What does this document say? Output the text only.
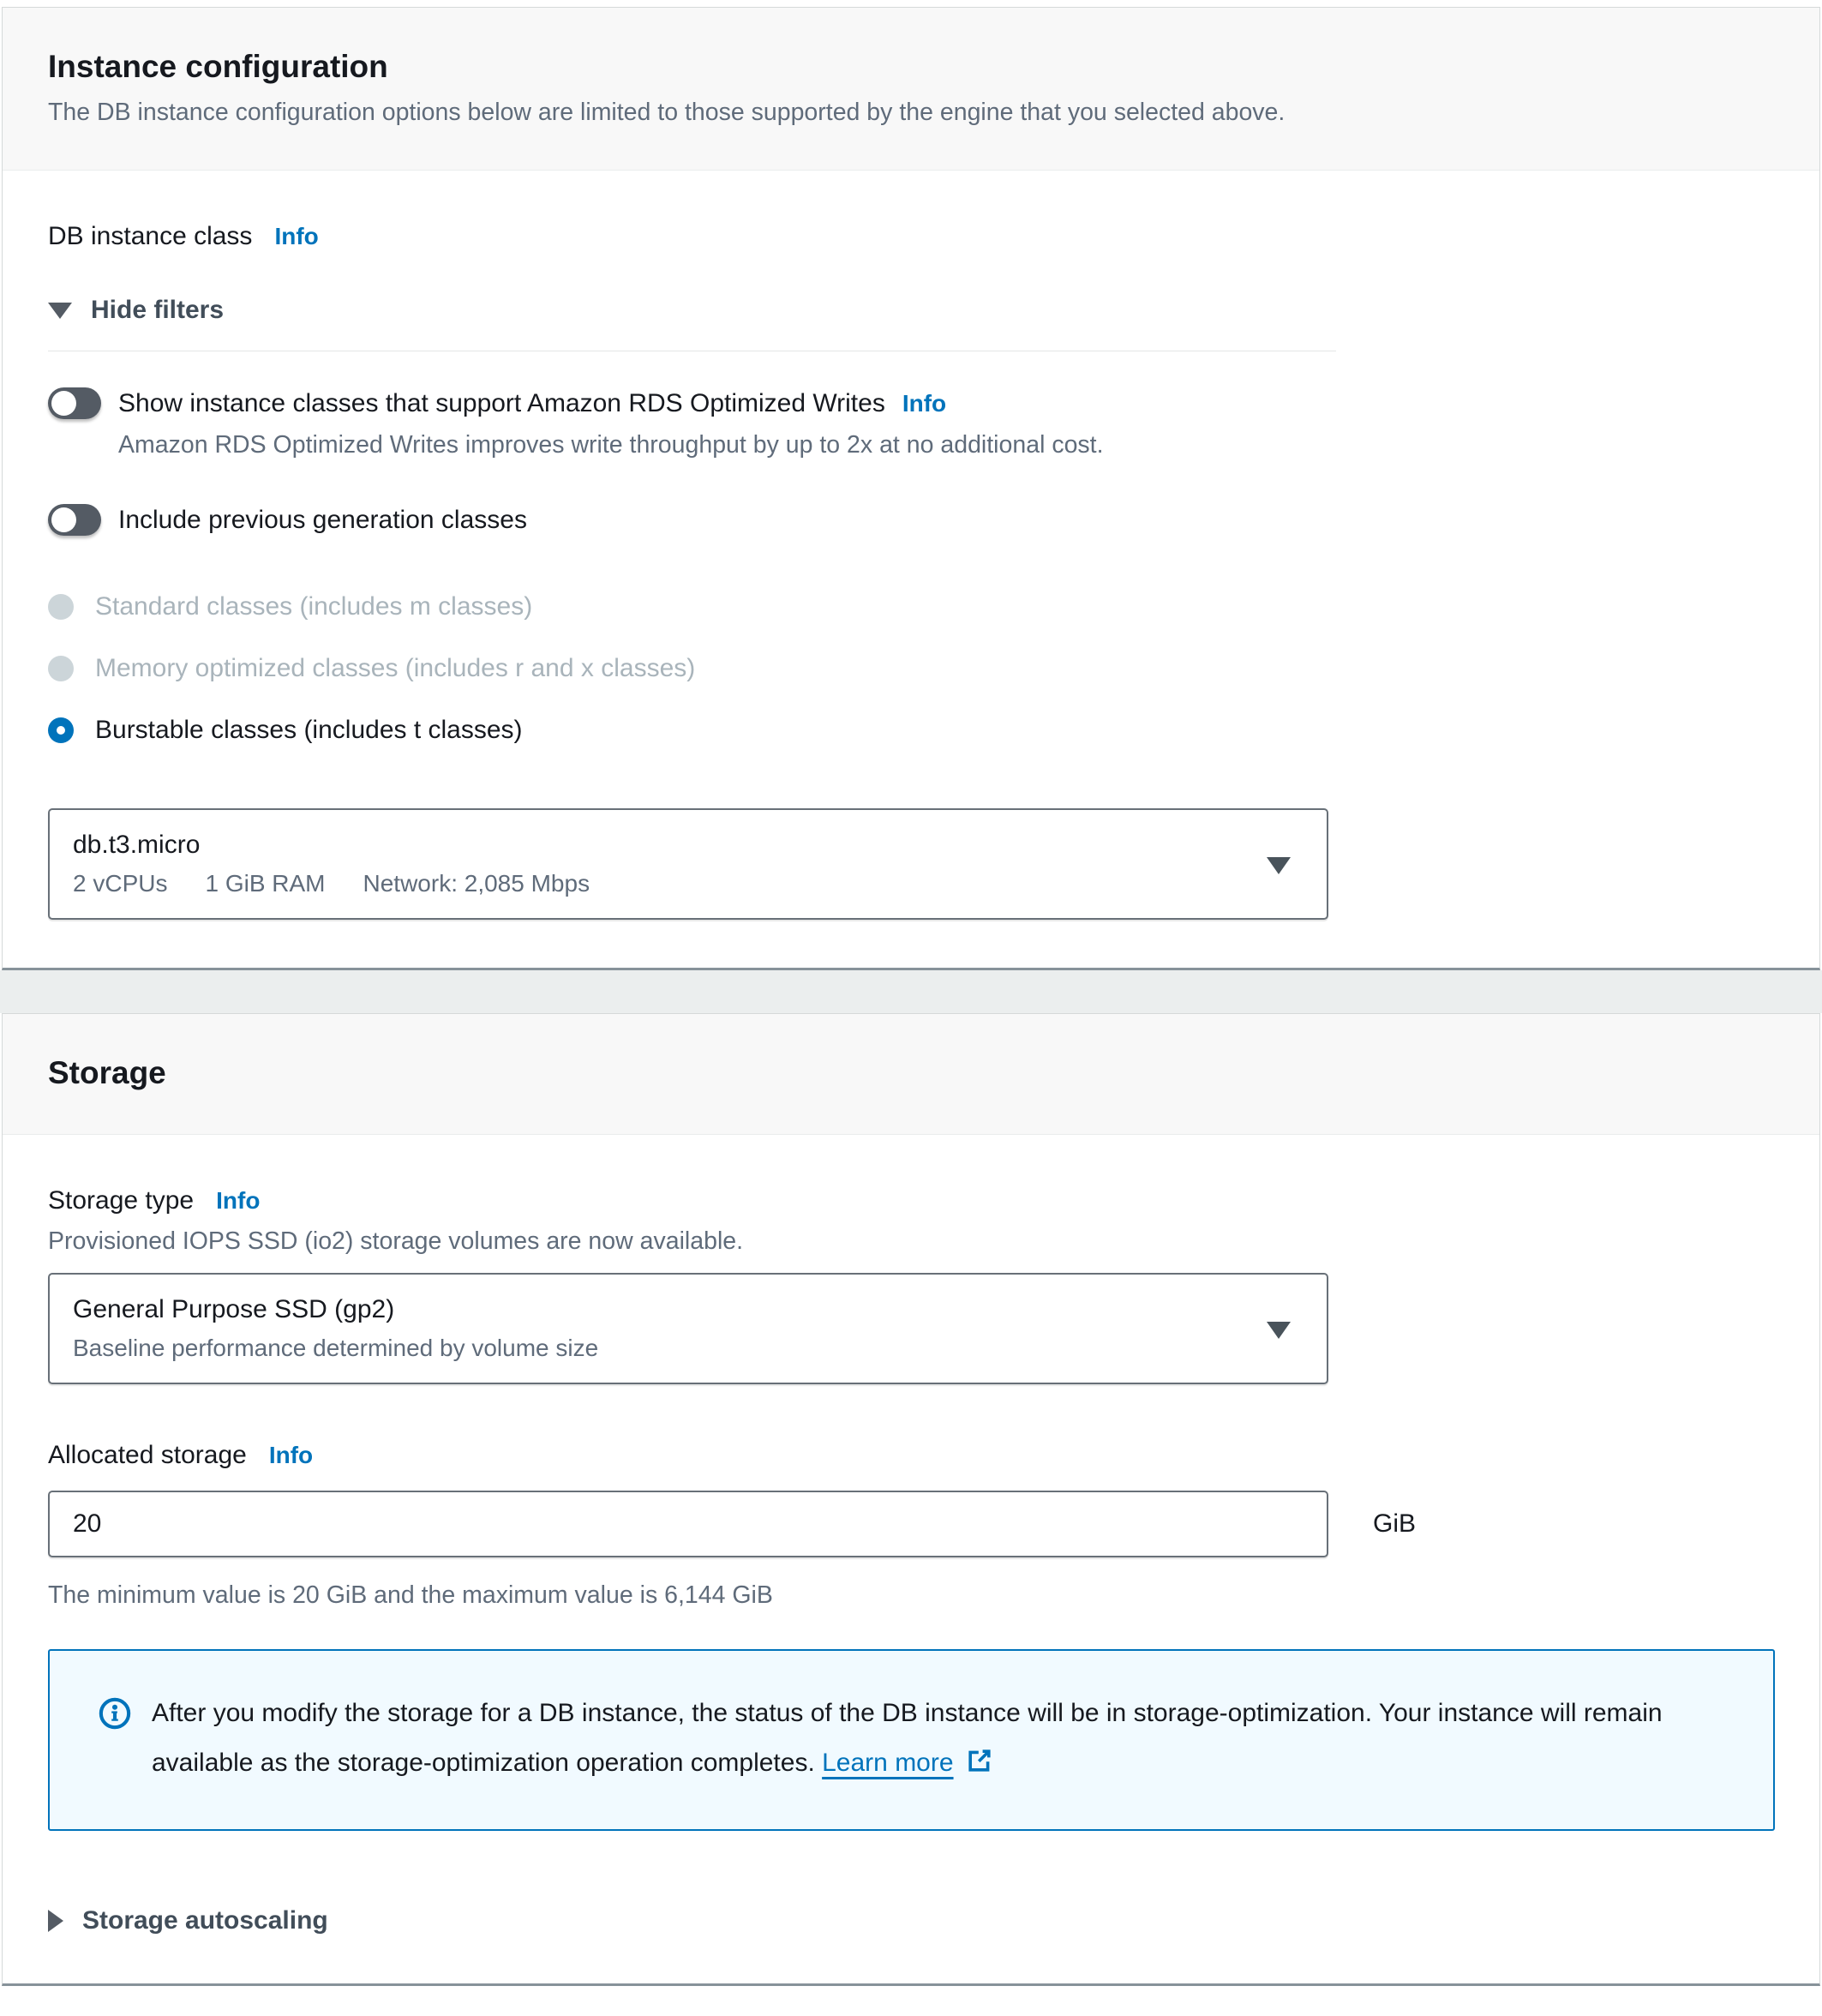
Instance configuration
The DB instance configuration options below are limited to those supported by the engine that you selected above.
DB instance class Info
Hide filters
Show instance classes that support Amazon RDS Optimized Writes Info
Amazon RDS Optimized Writes improves write throughput by up to 2x at no additional cost.
Include previous generation classes
Standard classes (includes m classes)
Memory optimized classes (includes r and x classes)
Burstable classes (includes t classes)
db.t3.micro
2 vCPUs 1 GiB RAM Network: 2,085 Mbps
Storage
Storage type Info
Provisioned IOPS SSD (io2) storage volumes are now available.
General Purpose SSD (gp2)
Baseline performance determined by volume size
Allocated storage Info
20
GiB
The minimum value is 20 GiB and the maximum value is 6,144 GiB
After you modify the storage for a DB instance, the status of the DB instance will be in storage-optimization. Your instance will remain available as the storage-optimization operation completes. Learn more
Storage autoscaling
